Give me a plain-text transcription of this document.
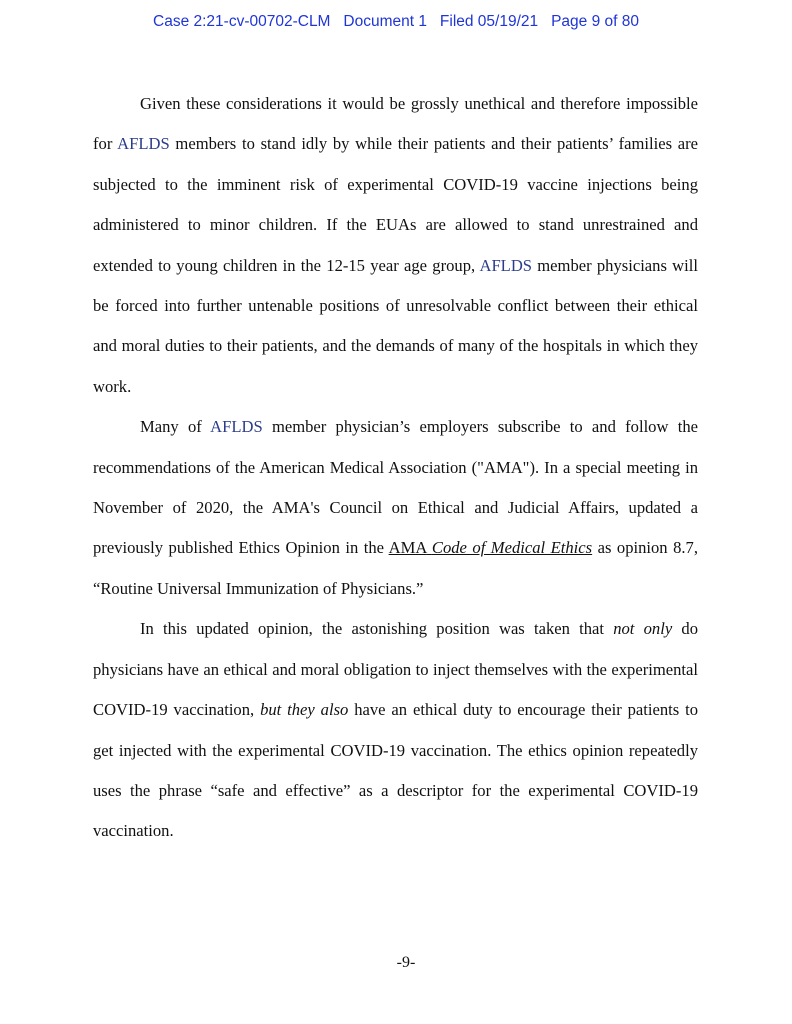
Case 2:21-cv-00702-CLM Document 1 Filed 05/19/21 Page 9 of 80

Given these considerations it would be grossly unethical and therefore impossible for AFLDS members to stand idly by while their patients and their patients’ families are subjected to the imminent risk of experimental COVID-19 vaccine injections being administered to minor children. If the EUAs are allowed to stand unrestrained and extended to young children in the 12-15 year age group, AFLDS member physicians will be forced into further untenable positions of unresolvable conflict between their ethical and moral duties to their patients, and the demands of many of the hospitals in which they work.

Many of AFLDS member physician’s employers subscribe to and follow the recommendations of the American Medical Association ("AMA"). In a special meeting in November of 2020, the AMA's Council on Ethical and Judicial Affairs, updated a previously published Ethics Opinion in the AMA Code of Medical Ethics as opinion 8.7, “Routine Universal Immunization of Physicians.”

In this updated opinion, the astonishing position was taken that not only do physicians have an ethical and moral obligation to inject themselves with the experimental COVID-19 vaccination, but they also have an ethical duty to encourage their patients to get injected with the experimental COVID-19 vaccination. The ethics opinion repeatedly uses the phrase “safe and effective” as a descriptor for the experimental COVID-19 vaccination.

-9-
